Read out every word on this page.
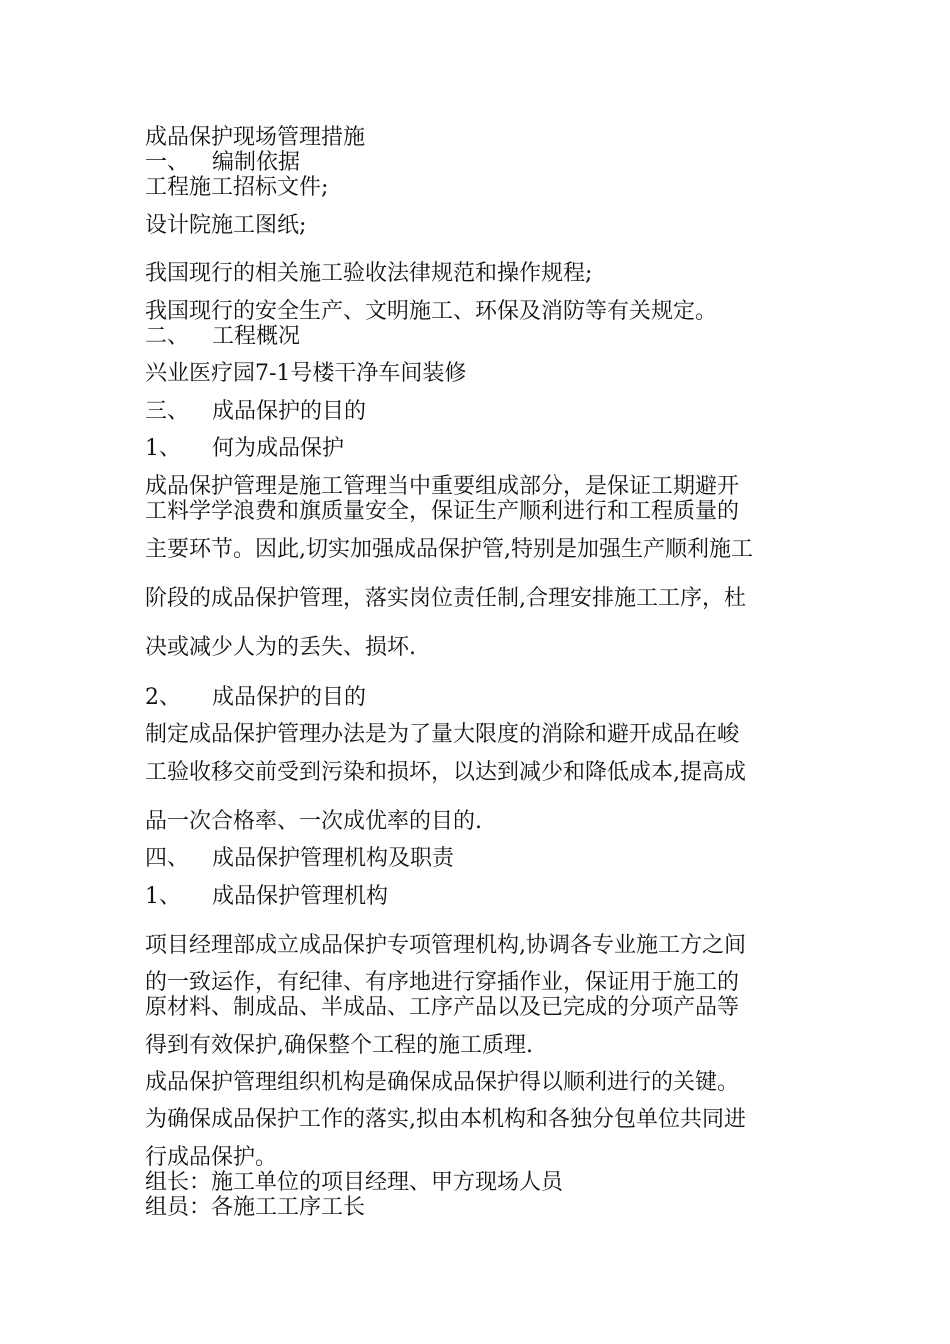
成品保护现场管理措施
一、 编制依据
工程施工招标文件;
设计院施工图纸;
我国现行的相关施工验收法律规范和操作规程;
我国现行的安全生产、文明施工、环保及消防等有关规定。
二、 工程概况
兴业医疗园7-1号楼干净车间装修
三、 成品保护的目的
1、 何为成品保护
成品保护管理是施工管理当中重要组成部分，是保证工期避开
工料学学浪费和旗质量安全，保证生产顺利进行和工程质量的
主要环节。因此,切实加强成品保护管,特别是加强生产顺利施工
阶段的成品保护管理，落实岗位责任制,合理安排施工工序，杜
决或减少人为的丢失、损坏.
2、 成品保护的目的
制定成品保护管理办法是为了量大限度的消除和避开成品在峻
工验收移交前受到污染和损坏，以达到减少和降低成本,提高成
品一次合格率、一次成优率的目的.
四、 成品保护管理机构及职责
1、 成品保护管理机构
项目经理部成立成品保护专项管理机构,协调各专业施工方之间
的一致运作，有纪律、有序地进行穿插作业，保证用于施工的
原材料、制成品、半成品、工序产品以及已完成的分项产品等
得到有效保护,确保整个工程的施工质理.
成品保护管理组织机构是确保成品保护得以顺利进行的关键。
为确保成品保护工作的落实,拟由本机构和各独分包单位共同进
行成品保护。
组长：施工单位的项目经理、甲方现场人员
组员：各施工工序工长
